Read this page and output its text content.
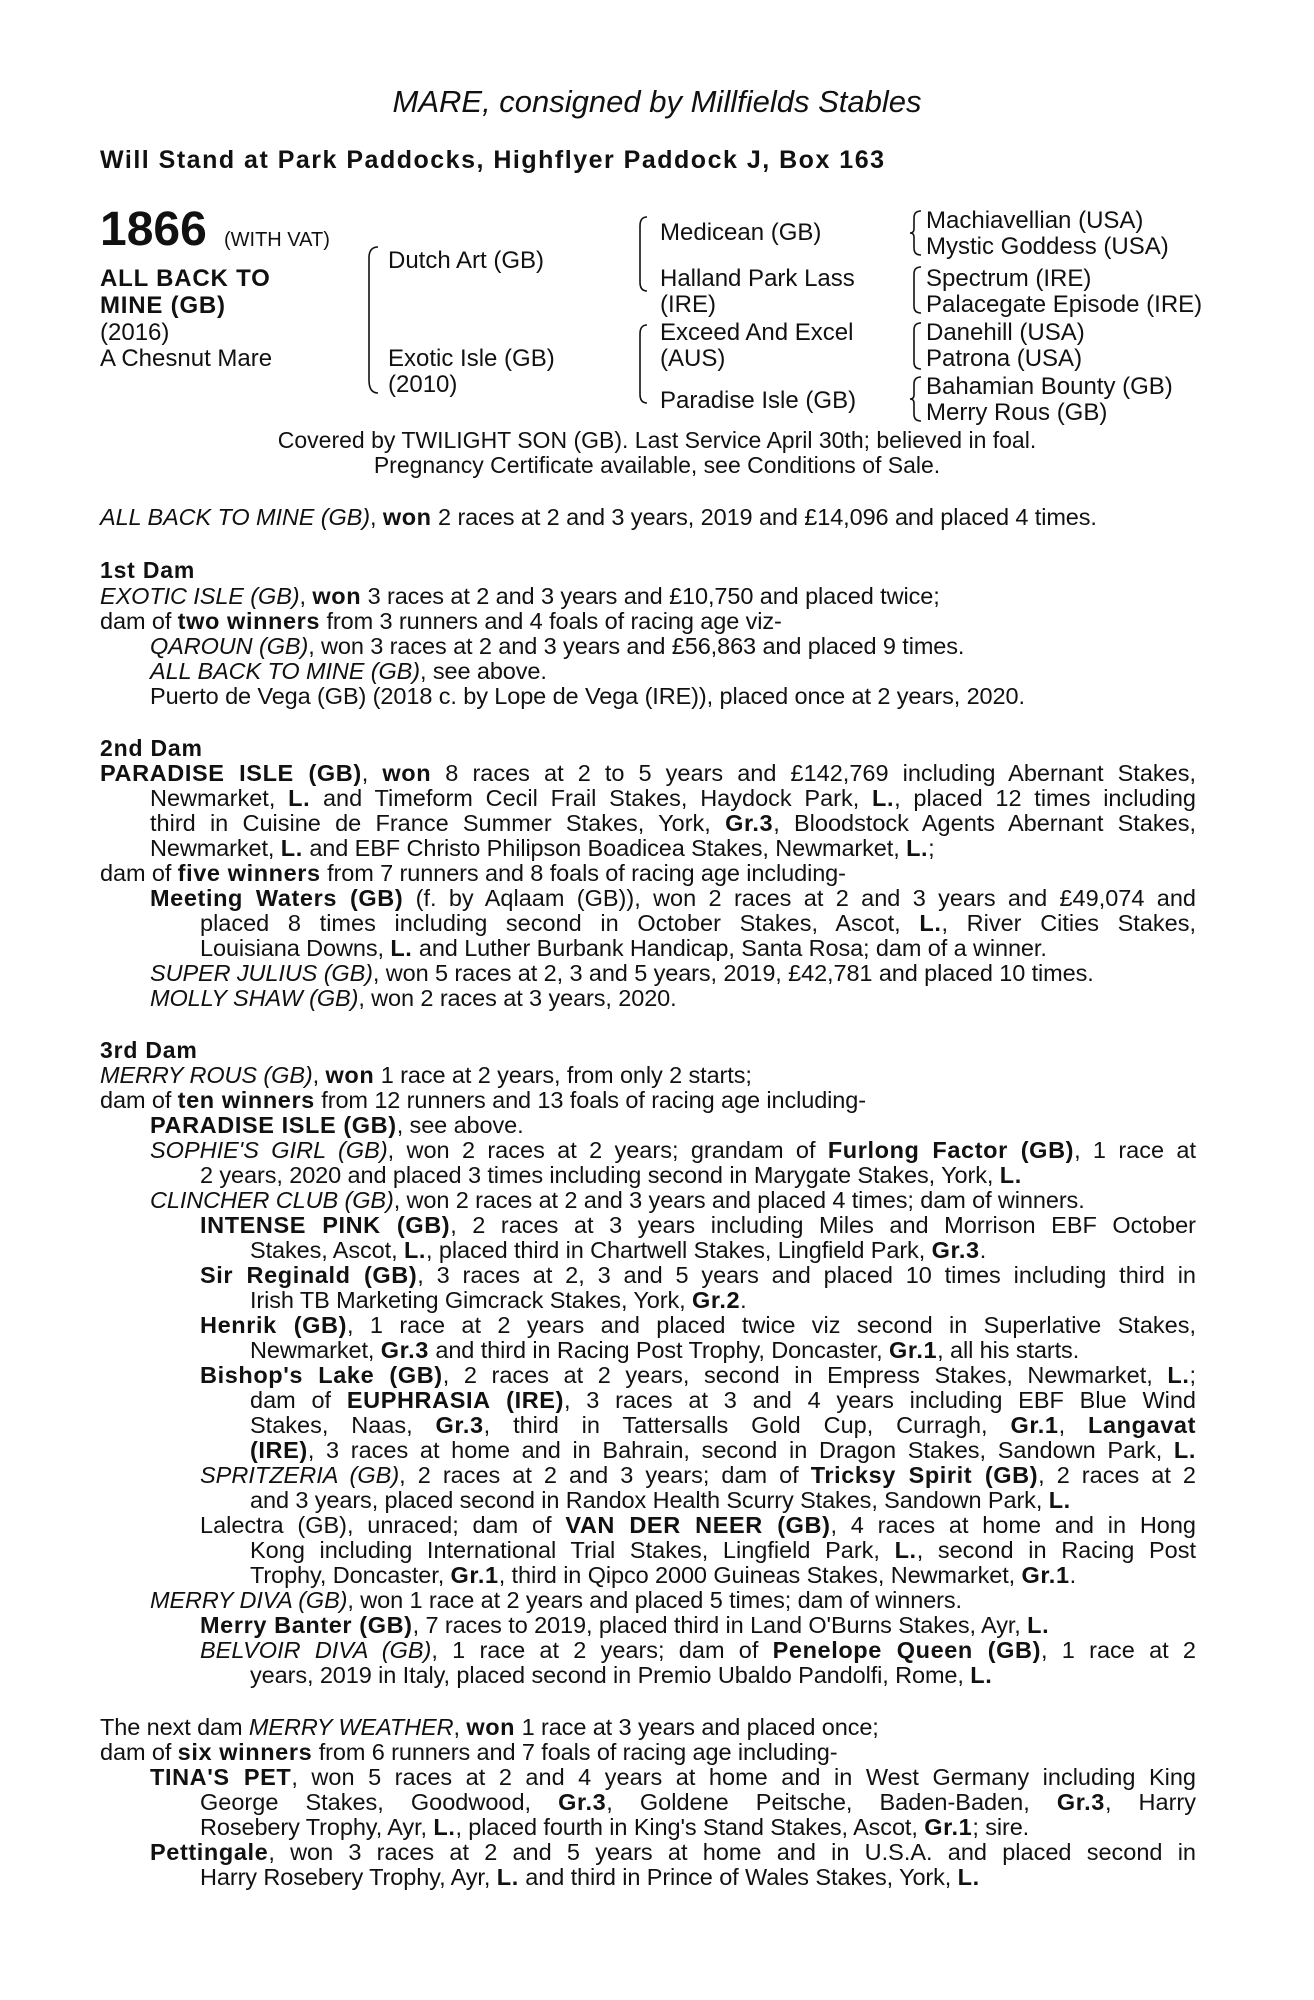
MARE, consigned by Millfields Stables
Will Stand at Park Paddocks, Highflyer Paddock J, Box 163
1866 (WITH VAT)
ALL BACK TO
MINE (GB)
(2016)
A Chesnut Mare
Dutch Art (GB)
Exotic Isle (GB)
(2010)
Medicean (GB)
Halland Park Lass
(IRE)
Exceed And Excel
(AUS)
Paradise Isle (GB)
Machiavellian (USA)
Mystic Goddess (USA)
Spectrum (IRE)
Palacegate Episode (IRE)
Danehill (USA)
Patrona (USA)
Bahamian Bounty (GB)
Merry Rous (GB)
Covered by TWILIGHT SON (GB). Last Service April 30th; believed in foal.
Pregnancy Certificate available, see Conditions of Sale.
ALL BACK TO MINE (GB), won 2 races at 2 and 3 years, 2019 and £14,096 and placed 4 times.
1st Dam
EXOTIC ISLE (GB), won 3 races at 2 and 3 years and £10,750 and placed twice;
dam of two winners from 3 runners and 4 foals of racing age viz-
QAROUN (GB), won 3 races at 2 and 3 years and £56,863 and placed 9 times.
ALL BACK TO MINE (GB), see above.
Puerto de Vega (GB) (2018 c. by Lope de Vega (IRE)), placed once at 2 years, 2020.
2nd Dam
PARADISE ISLE (GB), won 8 races at 2 to 5 years and £142,769 including Abernant Stakes,
Newmarket, L. and Timeform Cecil Frail Stakes, Haydock Park, L., placed 12 times including
third in Cuisine de France Summer Stakes, York, Gr.3, Bloodstock Agents Abernant Stakes,
Newmarket, L. and EBF Christo Philipson Boadicea Stakes, Newmarket, L.;
dam of five winners from 7 runners and 8 foals of racing age including-
Meeting Waters (GB) (f. by Aqlaam (GB)), won 2 races at 2 and 3 years and £49,074 and
placed 8 times including second in October Stakes, Ascot, L., River Cities Stakes,
Louisiana Downs, L. and Luther Burbank Handicap, Santa Rosa; dam of a winner.
SUPER JULIUS (GB), won 5 races at 2, 3 and 5 years, 2019, £42,781 and placed 10 times.
MOLLY SHAW (GB), won 2 races at 3 years, 2020.
3rd Dam
MERRY ROUS (GB), won 1 race at 2 years, from only 2 starts;
dam of ten winners from 12 runners and 13 foals of racing age including-
PARADISE ISLE (GB), see above.
SOPHIE'S GIRL (GB), won 2 races at 2 years; grandam of Furlong Factor (GB), 1 race at
2 years, 2020 and placed 3 times including second in Marygate Stakes, York, L.
CLINCHER CLUB (GB), won 2 races at 2 and 3 years and placed 4 times; dam of winners.
INTENSE PINK (GB), 2 races at 3 years including Miles and Morrison EBF October
Stakes, Ascot, L., placed third in Chartwell Stakes, Lingfield Park, Gr.3.
Sir Reginald (GB), 3 races at 2, 3 and 5 years and placed 10 times including third in
Irish TB Marketing Gimcrack Stakes, York, Gr.2.
Henrik (GB), 1 race at 2 years and placed twice viz second in Superlative Stakes,
Newmarket, Gr.3 and third in Racing Post Trophy, Doncaster, Gr.1, all his starts.
Bishop's Lake (GB), 2 races at 2 years, second in Empress Stakes, Newmarket, L.;
dam of EUPHRASIA (IRE), 3 races at 3 and 4 years including EBF Blue Wind
Stakes, Naas, Gr.3, third in Tattersalls Gold Cup, Curragh, Gr.1, Langavat
(IRE), 3 races at home and in Bahrain, second in Dragon Stakes, Sandown Park, L.
SPRITZERIA (GB), 2 races at 2 and 3 years; dam of Tricksy Spirit (GB), 2 races at 2
and 3 years, placed second in Randox Health Scurry Stakes, Sandown Park, L.
Lalectra (GB), unraced; dam of VAN DER NEER (GB), 4 races at home and in Hong
Kong including International Trial Stakes, Lingfield Park, L., second in Racing Post
Trophy, Doncaster, Gr.1, third in Qipco 2000 Guineas Stakes, Newmarket, Gr.1.
MERRY DIVA (GB), won 1 race at 2 years and placed 5 times; dam of winners.
Merry Banter (GB), 7 races to 2019, placed third in Land O'Burns Stakes, Ayr, L.
BELVOIR DIVA (GB), 1 race at 2 years; dam of Penelope Queen (GB), 1 race at 2
years, 2019 in Italy, placed second in Premio Ubaldo Pandolfi, Rome, L.
The next dam MERRY WEATHER, won 1 race at 3 years and placed once;
dam of six winners from 6 runners and 7 foals of racing age including-
TINA'S PET, won 5 races at 2 and 4 years at home and in West Germany including King
George Stakes, Goodwood, Gr.3, Goldene Peitsche, Baden-Baden, Gr.3, Harry
Rosebery Trophy, Ayr, L., placed fourth in King's Stand Stakes, Ascot, Gr.1; sire.
Pettingale, won 3 races at 2 and 5 years at home and in U.S.A. and placed second in
Harry Rosebery Trophy, Ayr, L. and third in Prince of Wales Stakes, York, L.
